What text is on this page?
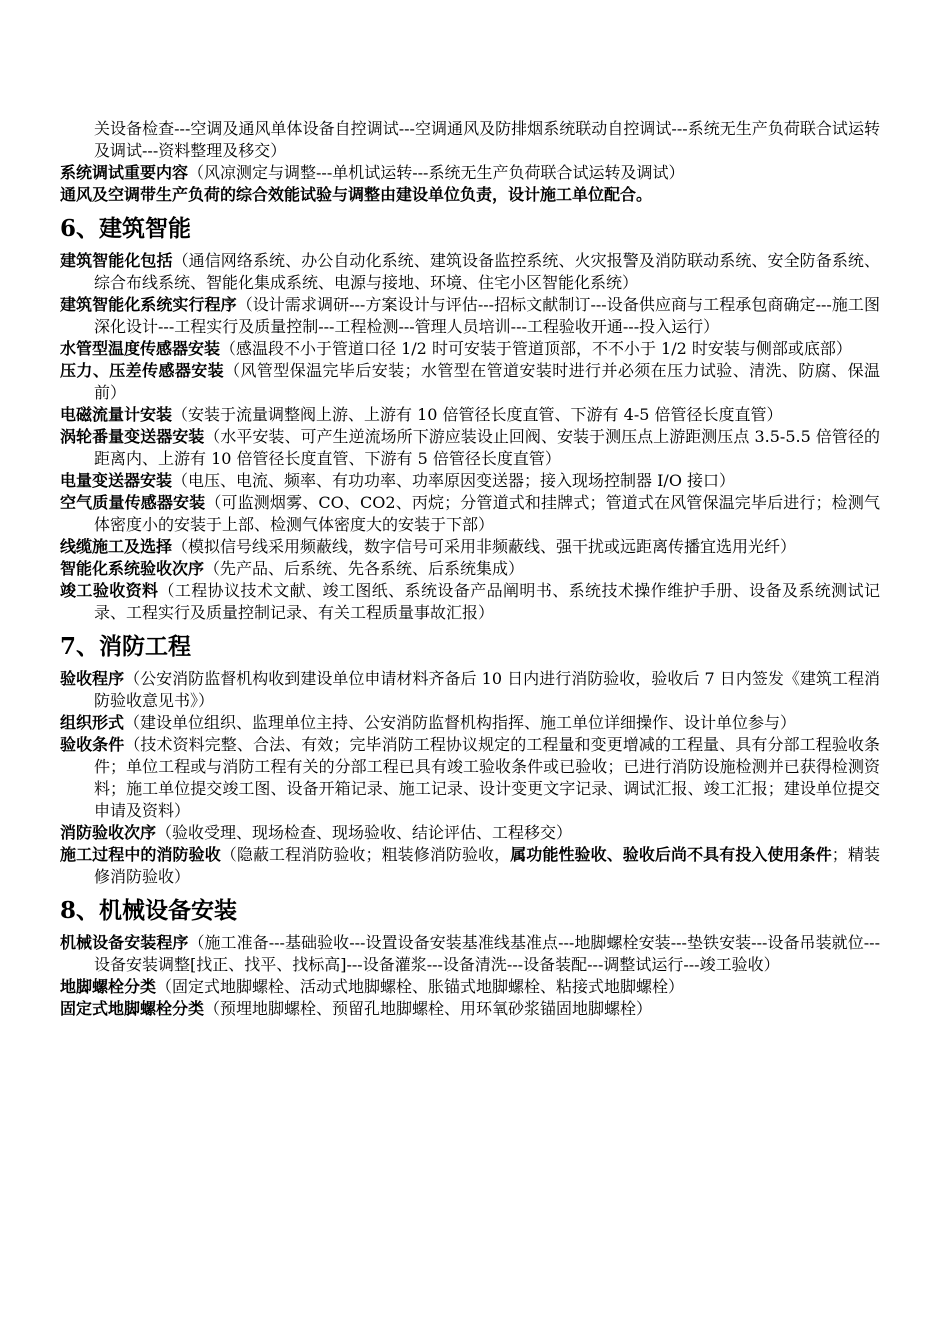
关设备检查---空调及通风单体设备自控调试---空调通风及防排烟系统联动自控调试---系统无生产负荷联合试运转及调试---资料整理及移交）

系统调试重要内容（风凉测定与调整---单机试运转---系统无生产负荷联合试运转及调试）

通风及空调带生产负荷的综合效能试验与调整由建设单位负责，设计施工单位配合。

6、建筑智能

建筑智能化包括（通信网络系统、办公自动化系统、建筑设备监控系统、火灾报警及消防联动系统、安全防备系统、综合布线系统、智能化集成系统、电源与接地、环境、住宅小区智能化系统）

建筑智能化系统实行程序（设计需求调研---方案设计与评估---招标文献制订---设备供应商与工程承包商确定---施工图深化设计---工程实行及质量控制---工程检测---管理人员培训---工程验收开通---投入运行）

水管型温度传感器安装（感温段不小于管道口径 1/2 时可安装于管道顶部，不不小于 1/2 时安装与侧部或底部）

压力、压差传感器安装（风管型保温完毕后安装；水管型在管道安装时进行并必须在压力试验、清洗、防腐、保温前）

电磁流量计安装（安装于流量调整阀上游、上游有 10 倍管径长度直管、下游有 4-5 倍管径长度直管）

涡轮番量变送器安装（水平安装、可产生逆流场所下游应装设止回阀、安装于测压点上游距测压点 3.5-5.5 倍管径的距离内、上游有 10 倍管径长度直管、下游有 5 倍管径长度直管）

电量变送器安装（电压、电流、频率、有功功率、功率原因变送器；接入现场控制器 I/O 接口）

空气质量传感器安装（可监测烟雾、CO、CO2、丙烷；分管道式和挂牌式；管道式在风管保温完毕后进行；检测气体密度小的安装于上部、检测气体密度大的安装于下部）

线缆施工及选择（模拟信号线采用频蔽线，数字信号可采用非频蔽线、强干扰或远距离传播宜选用光纤）

智能化系统验收次序（先产品、后系统、先各系统、后系统集成）

竣工验收资料（工程协议技术文献、竣工图纸、系统设备产品阐明书、系统技术操作维护手册、设备及系统测试记录、工程实行及质量控制记录、有关工程质量事故汇报）

7、消防工程

验收程序（公安消防监督机构收到建设单位申请材料齐备后 10 日内进行消防验收，验收后 7 日内签发《建筑工程消防验收意见书》）

组织形式（建设单位组织、监理单位主持、公安消防监督机构指挥、施工单位详细操作、设计单位参与）

验收条件（技术资料完整、合法、有效；完毕消防工程协议规定的工程量和变更增减的工程量、具有分部工程验收条件；单位工程或与消防工程有关的分部工程已具有竣工验收条件或已验收；已进行消防设施检测并已获得检测资料；施工单位提交竣工图、设备开箱记录、施工记录、设计变更文字记录、调试汇报、竣工汇报；建设单位提交申请及资料）

消防验收次序（验收受理、现场检查、现场验收、结论评估、工程移交）

施工过程中的消防验收（隐蔽工程消防验收；粗装修消防验收，属功能性验收、验收后尚不具有投入使用条件；精装修消防验收）

8、机械设备安装

机械设备安装程序（施工准备---基础验收---设置设备安装基准线基准点---地脚螺栓安装---垫铁安装---设备吊装就位---设备安装调整[找正、找平、找标高]---设备灌浆---设备清洗---设备装配---调整试运行---竣工验收）

地脚螺栓分类（固定式地脚螺栓、活动式地脚螺栓、胀锚式地脚螺栓、粘接式地脚螺栓）

固定式地脚螺栓分类（预埋地脚螺栓、预留孔地脚螺栓、用环氧砂浆锚固地脚螺栓）
